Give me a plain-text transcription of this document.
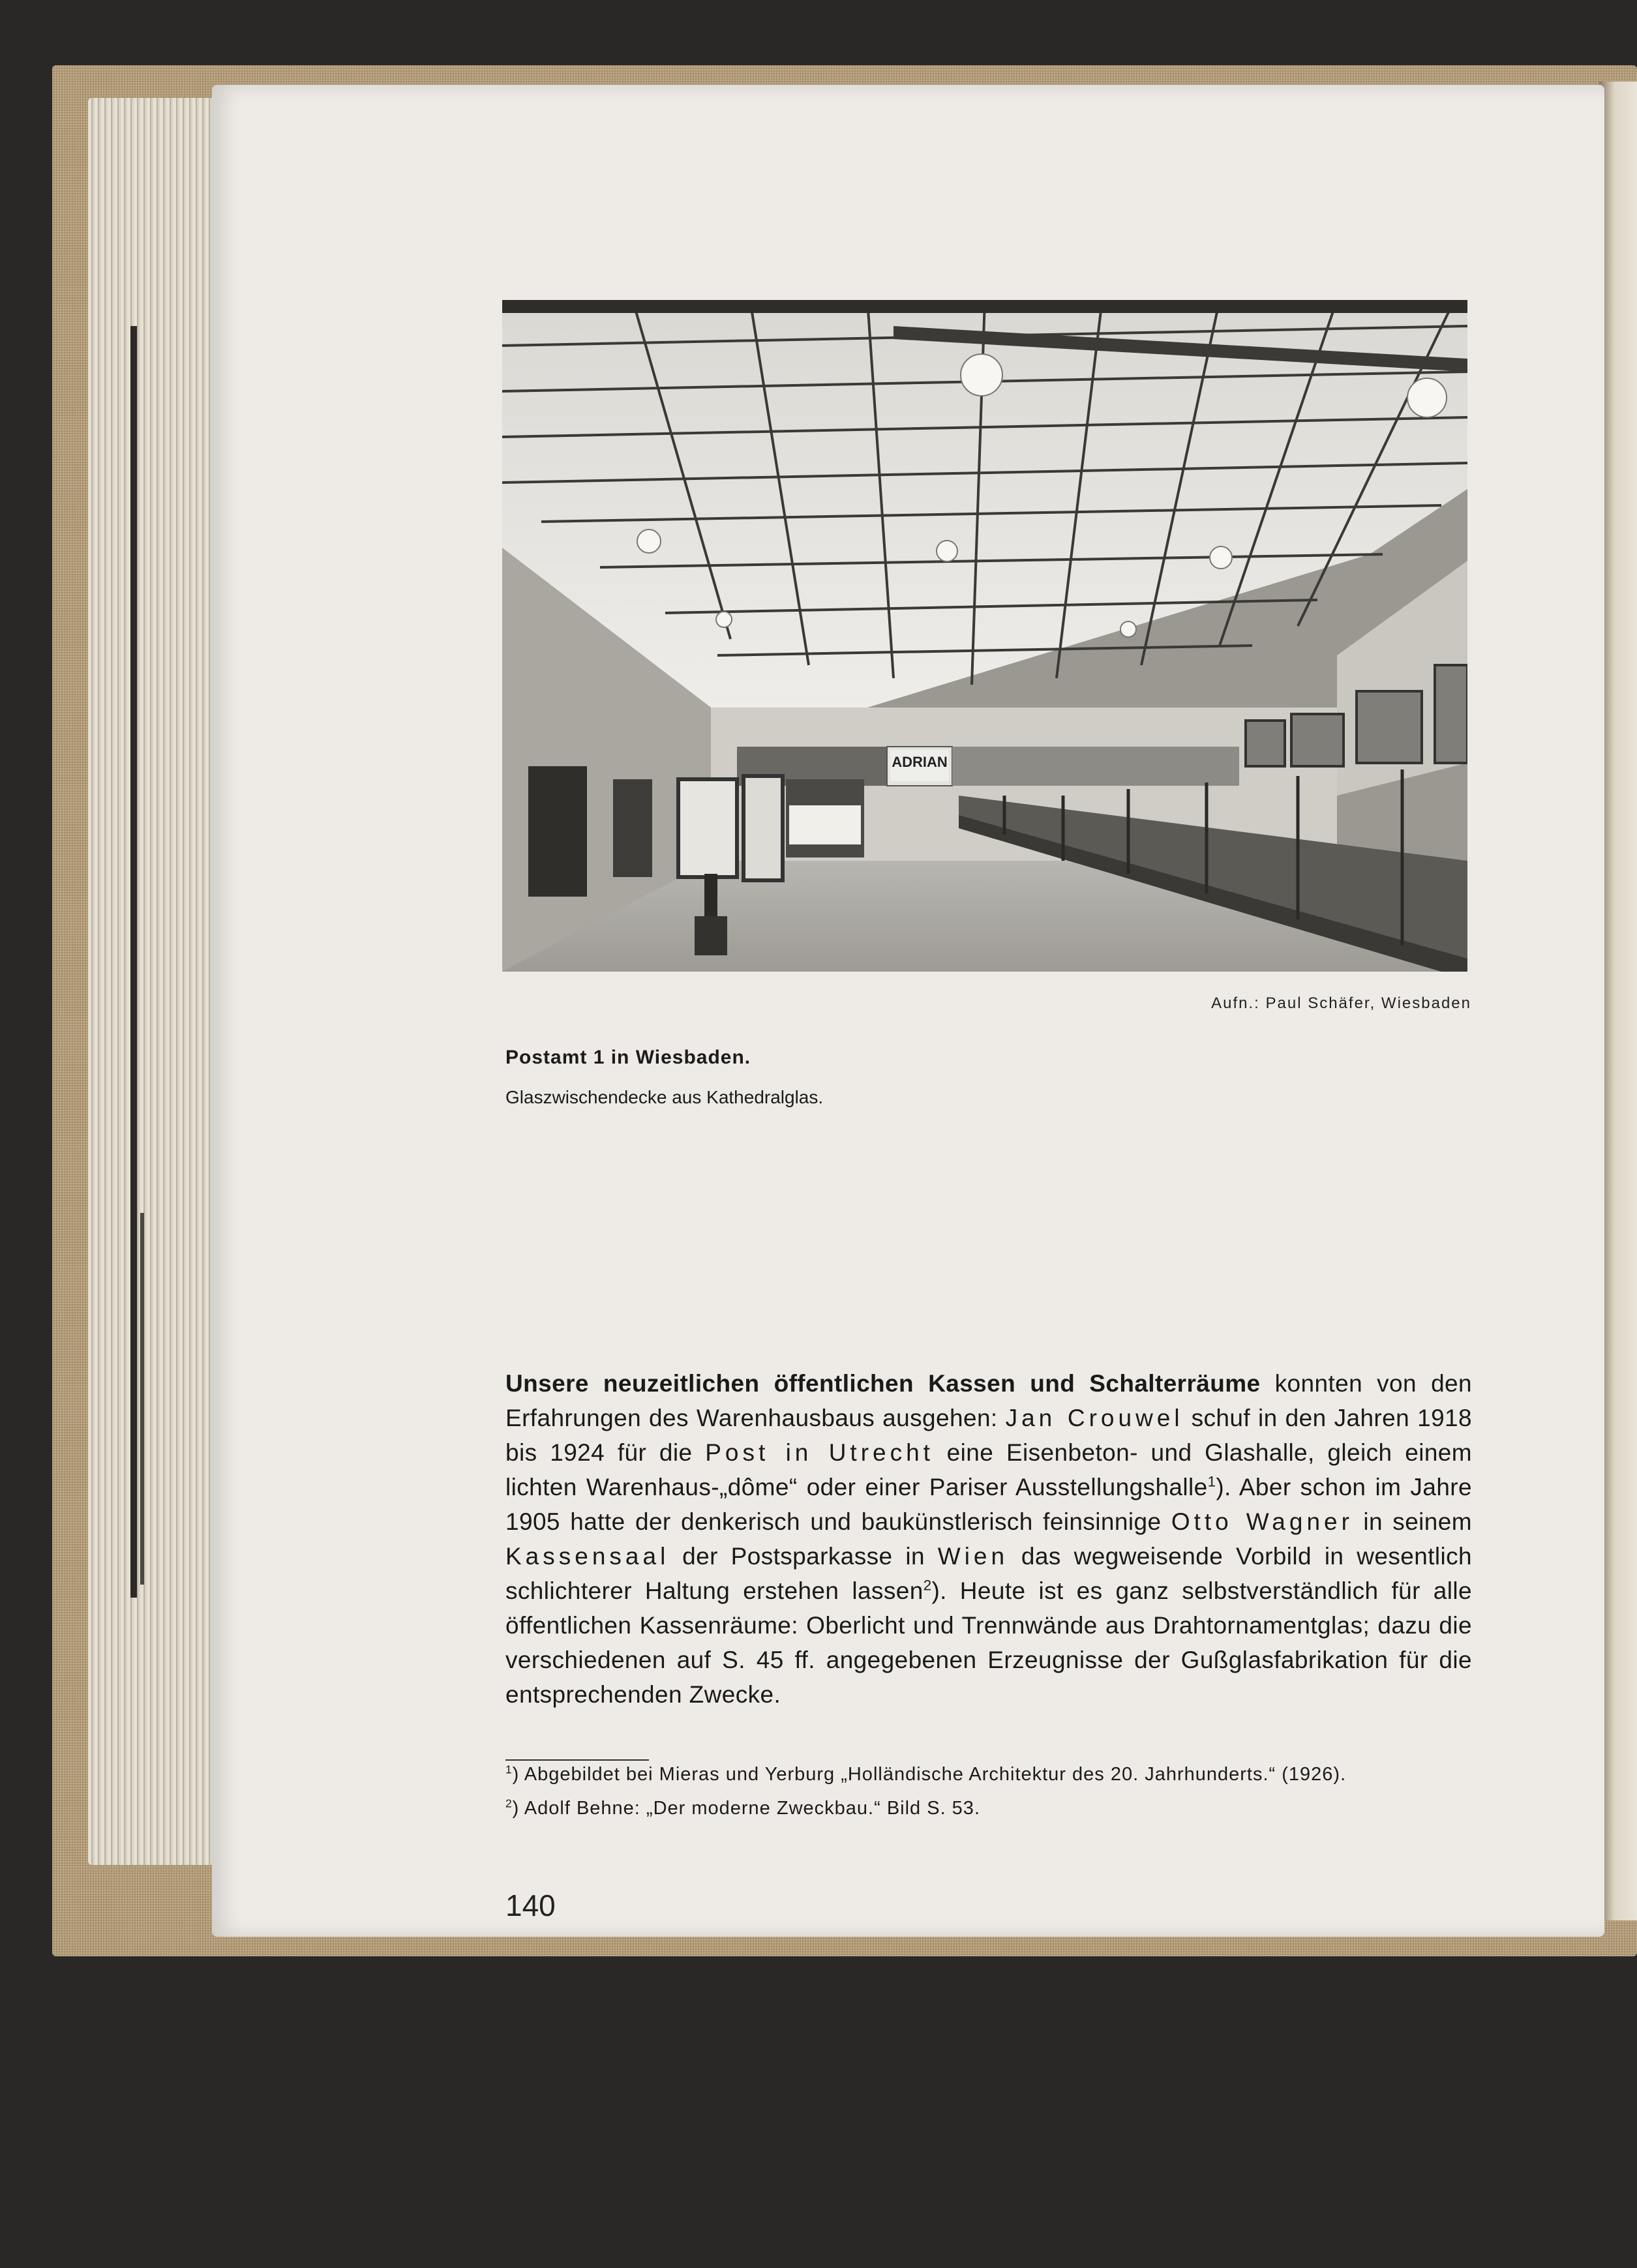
ADRIAN
Aufn.: Paul Schäfer, Wiesbaden
Postamt 1 in Wiesbaden.
Glaszwischendecke aus Kathedralglas.
Unsere neuzeitlichen öffentlichen Kassen und Schalterräume konnten von den Erfahrungen des Warenhausbaus ausgehen: Jan Crouwel schuf in den Jahren 1918 bis 1924 für die Post in Utrecht eine Eisenbeton- und Glashalle, gleich einem lichten Warenhaus-„dôme“ oder einer Pariser Ausstellungshalle$^1$). Aber schon im Jahre 1905 hatte der denkerisch und baukünstlerisch feinsinnige Otto Wagner in seinem Kassensaal der Postsparkasse in Wien das wegweisende Vorbild in wesentlich schlichterer Haltung erstehen lassen$^2$). Heute ist es ganz selbstverständlich für alle öffentlichen Kassenräume: Oberlicht und Trennwände aus Drahtornamentglas; dazu die verschiedenen auf S. 45 ff. angegebenen Erzeugnisse der Gußglasfabrikation für die entsprechenden Zwecke.
$^1$) Abgebildet bei Mieras und Yerburg „Holländische Architektur des 20. Jahrhunderts.“ (1926).
$^2$) Adolf Behne: „Der moderne Zweckbau.“ Bild S. 53.
140
